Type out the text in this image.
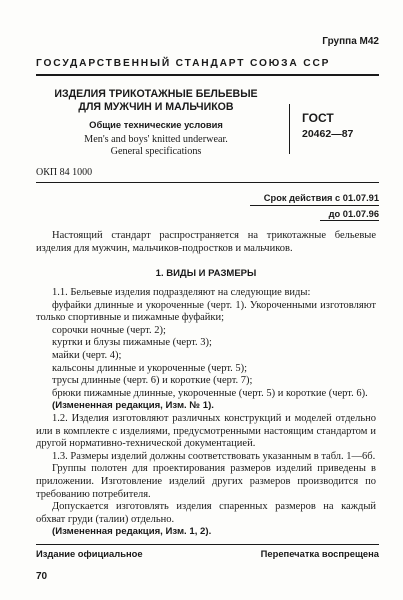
Группа М42
ГОСУДАРСТВЕННЫЙ СТАНДАРТ СОЮЗА ССР
ИЗДЕЛИЯ ТРИКОТАЖНЫЕ БЕЛЬЕВЫЕ
ДЛЯ МУЖЧИН И МАЛЬЧИКОВ
Общие технические условия
Men's and boys' knitted underwear.
General specifications
ГОСТ
20462—87
ОКП 84 1000
Срок действия с 01.07.91
до 01.07.96

Настоящий стандарт распространяется на трикотажные бельевые изделия для мужчин, мальчиков-подростков и мальчиков.

1. ВИДЫ И РАЗМЕРЫ

1.1. Бельевые изделия подразделяют на следующие виды:

фуфайки длинные и укороченные (черт. 1). Укороченными изготовляют только спортивные и пижамные фуфайки;

сорочки ночные (черт. 2);

куртки и блузы пижамные (черт. 3);

майки (черт. 4);

кальсоны длинные и укороченные (черт. 5);

трусы длинные (черт. 6) и короткие (черт. 7);

брюки пижамные длинные, укороченные (черт. 5) и короткие (черт. 6).

(Измененная редакция, Изм. № 1).

1.2. Изделия изготовляют различных конструкций и моделей отдельно или в комплекте с изделиями, предусмотренными настоящим стандартом и другой нормативно-технической документацией.

1.3. Размеры изделий должны соответствовать указанным в табл. 1—6б.

Группы полотен для проектирования размеров изделий приведены в приложении. Изготовление изделий других размеров производится по требованию потребителя.

Допускается изготовлять изделия спаренных размеров на каждый обхват груди (талии) отдельно.

(Измененная редакция, Изм. 1, 2).

Издание официальное	Перепечатка воспрещена
70
